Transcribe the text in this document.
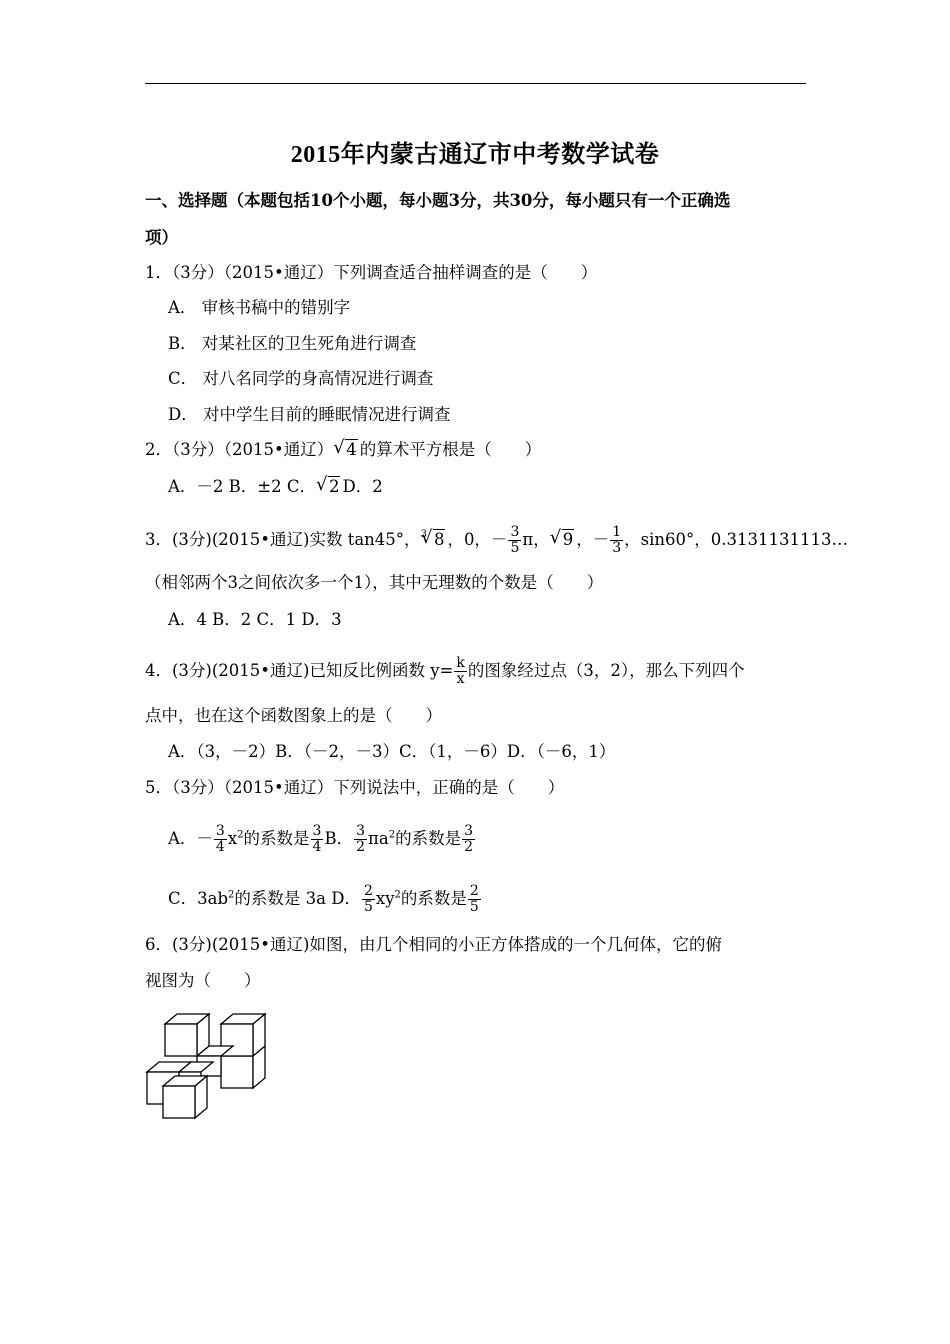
2015年内蒙古通辽市中考数学试卷
一、选择题（本题包括10个小题，每小题3分，共30分，每小题只有一个正确选
项）
1．（3分）（2015•通辽）下列调查适合抽样调查的是（　　）
A． 审核书稿中的错别字
B． 对某社区的卫生死角进行调查
C． 对八名同学的身高情况进行调查
D． 对中学生目前的睡眠情况进行调查
2．（3分）（2015•通辽） √ 4 的算术平方根是（　　）
A．－2 B．±2 C． √ 2 D．2
3．(3分)(2015•通辽)实数 tan45°，$^3$ √ 8 ，0，－ $\frac{3}{5}$ π， √ 9 ，－ $\frac{1}{3}$ ，sin60°，0.3131131113…
（相邻两个3之间依次多一个1），其中无理数的个数是（　　）
A．4 B．2 C．1 D．3
4．(3分)(2015•通辽)已知反比例函数 $y= \frac{k}{x}$ 的图象经过点（3，2），那么下列四个
点中，也在这个函数图象上的是（　　）
A．（3，－2）B．（－2，－3）C．（1，－6）D．（－6，1）
5．（3分）（2015•通辽）下列说法中，正确的是（　　）
A．－ $\frac{3}{4} x^2$的系数是 $\frac{3}{4}$ B． $\frac{3}{2} \pi a^2$的系数是 $\frac{3}{2}$
C．$3ab^2$的系数是 3a D． $\frac{2}{5} xy^2$的系数是 $\frac{2}{5}$
6．(3分)(2015•通辽)如图，由几个相同的小正方体搭成的一个几何体，它的俯
视图为（　　）
